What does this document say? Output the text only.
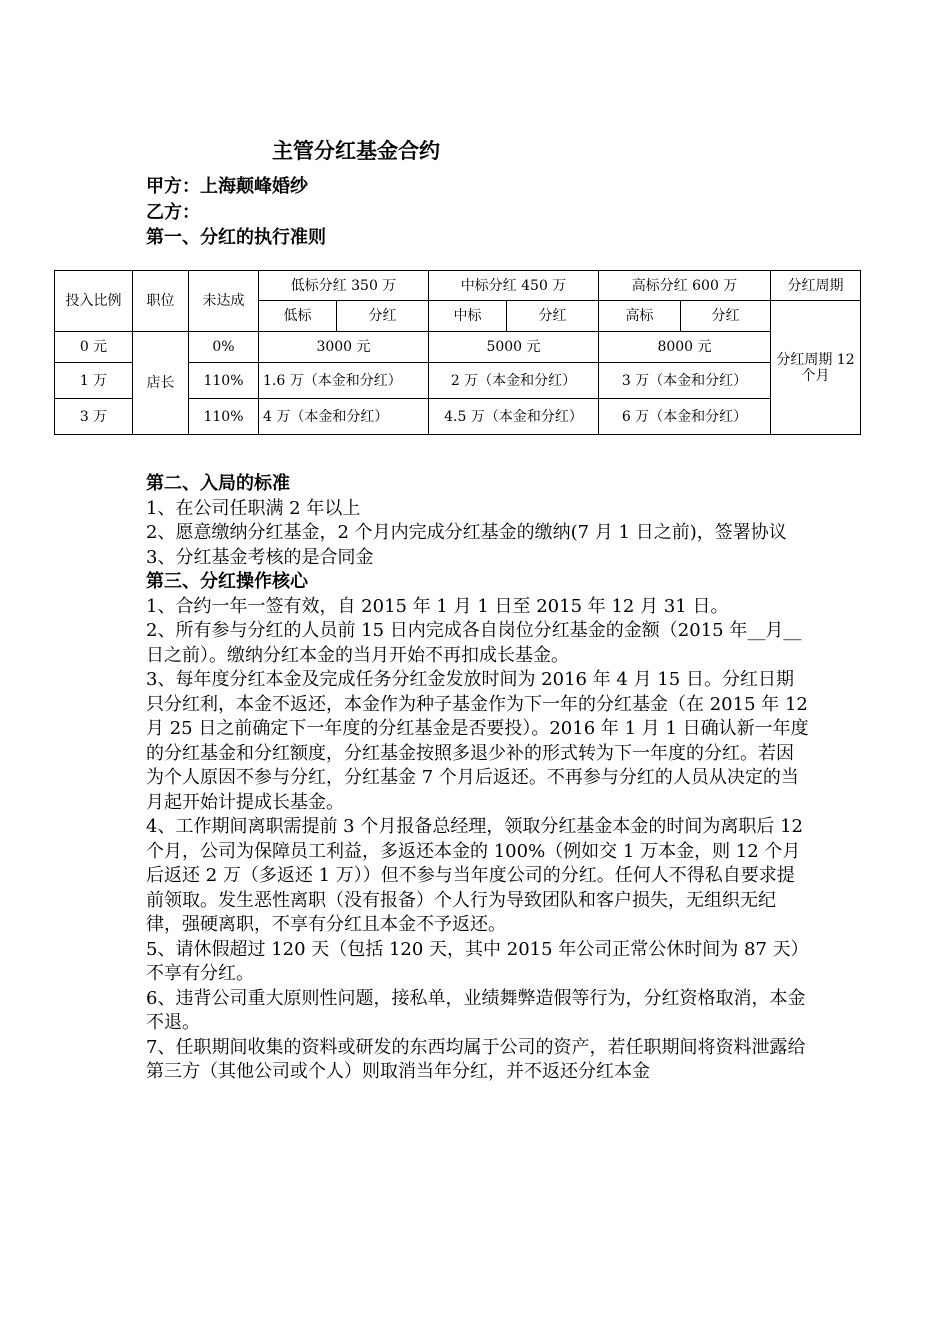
主管分红基金合约
甲方：上海颠峰婚纱
乙方：
第一、分红的执行准则
投入比例	职位	未达成	低标分红 350 万		中标分红 450 万		高标分红 600 万		分红周期
			低标	分红	中标	分红	高标	分红	分红周期 12 个月
0 元	店长	0%	3000 元		5000 元		8000 元		
1 万		110%	1.6 万（本金和分红）		2 万（本金和分红）		3 万（本金和分红）		
3 万		110%	4 万（本金和分红）		4.5 万（本金和分红）		6 万（本金和分红）		

第二、入局的标准

1、在公司任职满 2 年以上

2、愿意缴纳分红基金，2 个月内完成分红基金的缴纳(7 月 1 日之前)，签署协议

3、分红基金考核的是合同金

第三、分红操作核心

1、合约一年一签有效，自 2015 年 1 月 1 日至 2015 年 12 月 31 日。

2、所有参与分红的人员前 15 日内完成各自岗位分红基金的金额（2015 年__月__日之前）。缴纳分红本金的当月开始不再扣成长基金。

3、每年度分红本金及完成任务分红金发放时间为 2016 年 4 月 15 日。分红日期只分红利，本金不返还，本金作为种子基金作为下一年的分红基金（在 2015 年 12 月 25 日之前确定下一年度的分红基金是否要投）。2016 年 1 月 1 日确认新一年度的分红基金和分红额度，分红基金按照多退少补的形式转为下一年度的分红。若因为个人原因不参与分红，分红基金 7 个月后返还。不再参与分红的人员从决定的当月起开始计提成长基金。

4、工作期间离职需提前 3 个月报备总经理，领取分红基金本金的时间为离职后 12 个月，公司为保障员工利益，多返还本金的 100%（例如交 1 万本金，则 12 个月后返还 2 万（多返还 1 万））但不参与当年度公司的分红。任何人不得私自要求提前领取。发生恶性离职（没有报备）个人行为导致团队和客户损失，无组织无纪律，强硬离职，不享有分红且本金不予返还。

5、请休假超过 120 天（包括 120 天，其中 2015 年公司正常公休时间为 87 天）不享有分红。

6、违背公司重大原则性问题，接私单，业绩舞弊造假等行为，分红资格取消，本金不退。

7、任职期间收集的资料或研发的东西均属于公司的资产，若任职期间将资料泄露给第三方（其他公司或个人）则取消当年分红，并不返还分红本金
